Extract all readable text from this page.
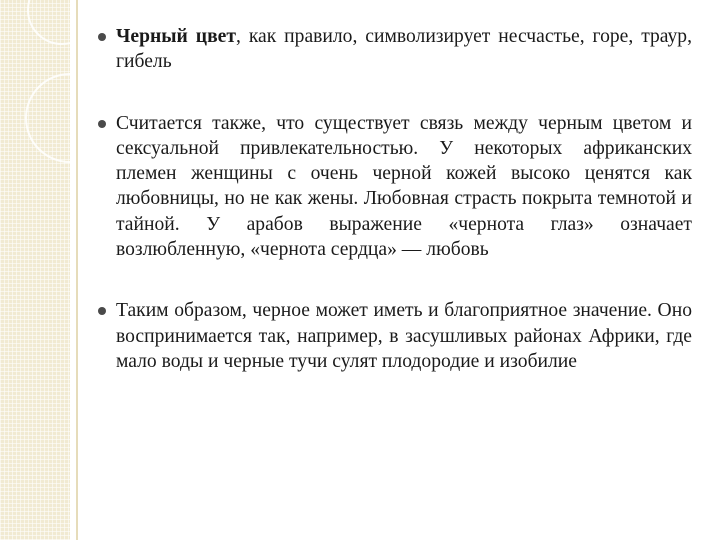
Черный цвет, как правило, символизирует несчастье, горе, траур, гибель

Считается также, что существует связь между черным цветом и сексуальной привлекательностью. У некоторых африканских племен женщины с очень черной кожей высоко ценятся как любовницы, но не как жены. Любовная страсть покрыта темнотой и тайной. У арабов выражение «чернота глаз» означает возлюбленную, «чернота сердца» — любовь

Таким образом, черное может иметь и благоприятное значение. Оно воспринимается так, например, в засушливых районах Африки, где мало воды и черные тучи сулят плодородие и изобилие
